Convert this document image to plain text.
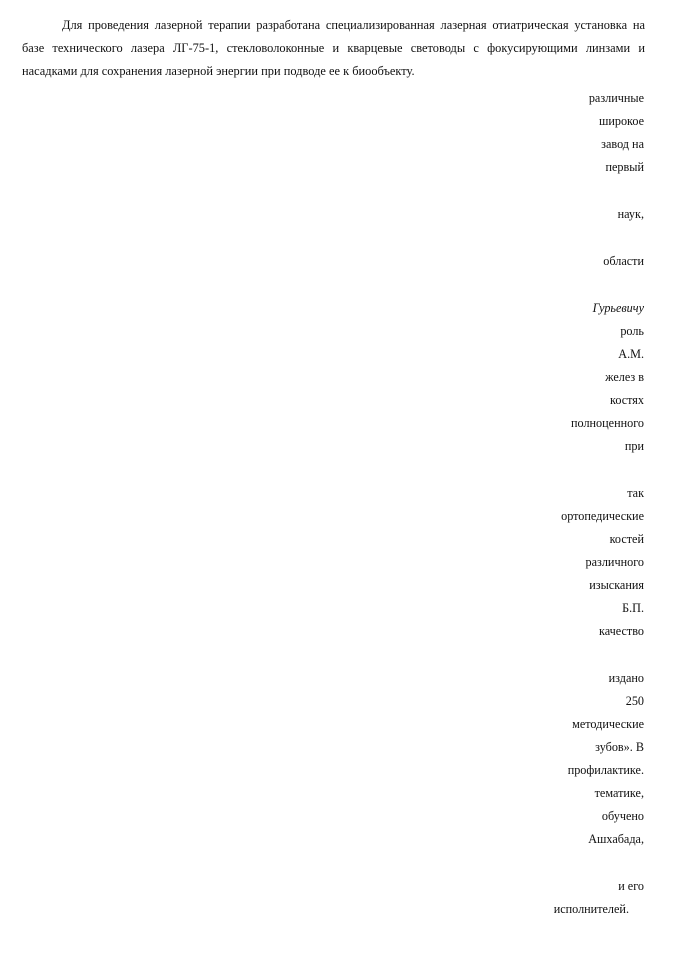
Для проведения лазерной терапии разработана специализированная лазерная отиатрическая установка на базе технического лазера ЛГ-75-1, стекловолоконные и кварцевые световоды с фокусирующими линзами и насадками для сохранения лазерной энергии при подводе ее к биообъекту.

различные
широкое
завод на
первый
наук,
области
Гурьевичу
роль
А.М.
желез в
костях
полноценного
при
так
ортопедические
костей
различного
изыскания
Б.П.
качество
издано
250
методические
зубов». В
профилактике.
тематике,
обучено
Ашхабада,
и его
исполнителей.
